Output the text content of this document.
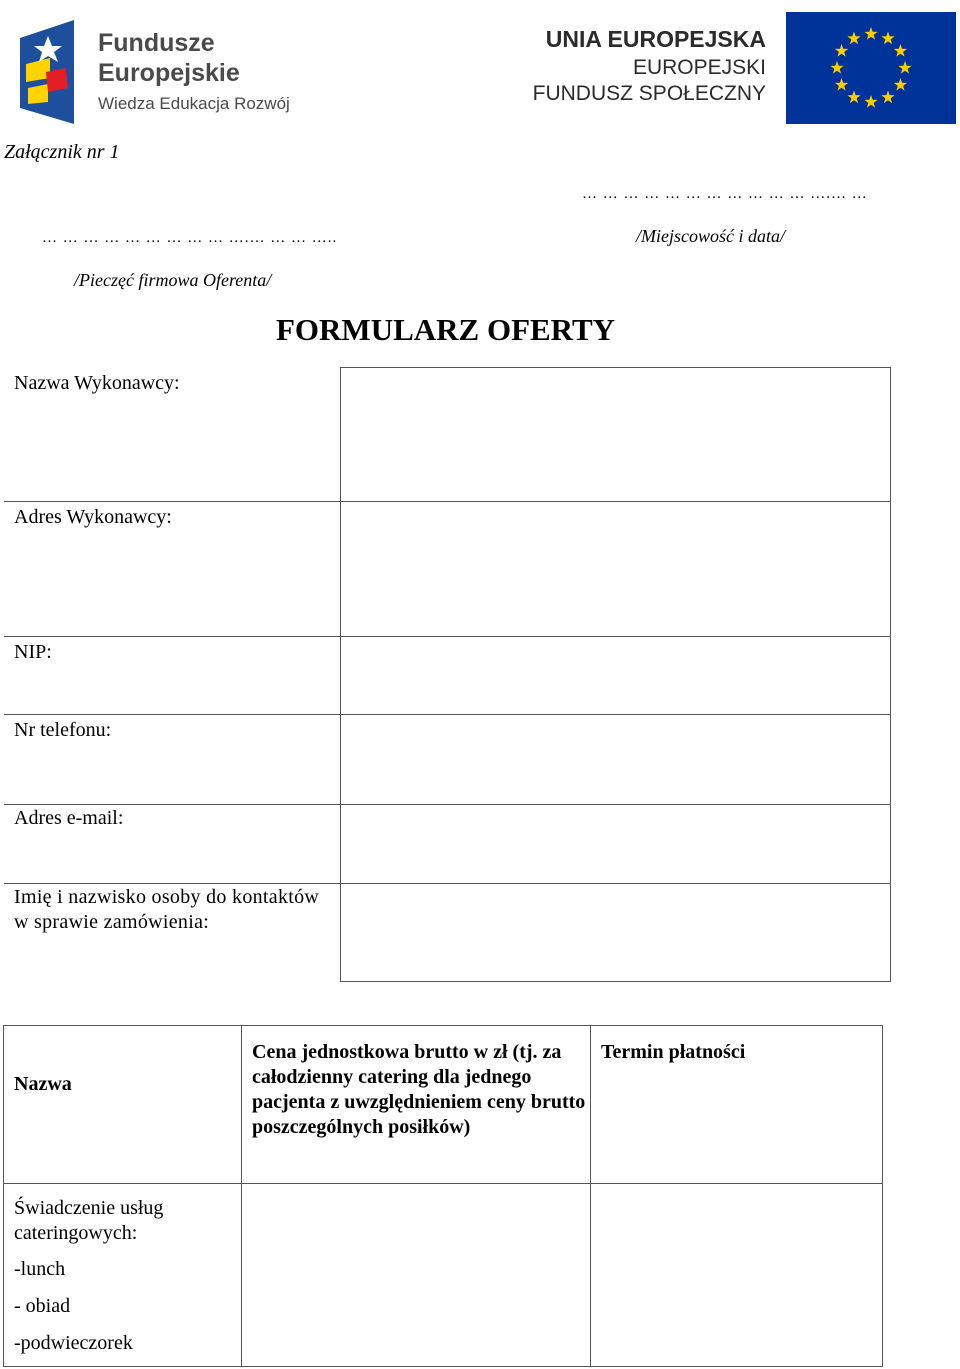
Fundusze
Europejskie
Wiedza Edukacja Rozwój
UNIA EUROPEJSKA
EUROPEJSKI
FUNDUSZ SPOŁECZNY
Załącznik nr 1
… … … … … … … … … … … ….… …
… … … … … … … … … ….… … … …..	/Miejscowość i data/
/Pieczęć firmowa Oferenta/
FORMULARZ OFERTY
Nazwa Wykonawcy:
Adres Wykonawcy:
NIP:
Nr telefonu:
Adres e-mail:
Imię i nazwisko osoby do kontaktów w sprawie zamówienia:
Nazwa
Cena jednostkowa brutto w zł (tj. za całodzienny catering dla jednego pacjenta z uwzględnieniem ceny brutto poszczególnych posiłków)
Termin płatności
Świadczenie usług cateringowych:
-lunch
- obiad
-podwieczorek
